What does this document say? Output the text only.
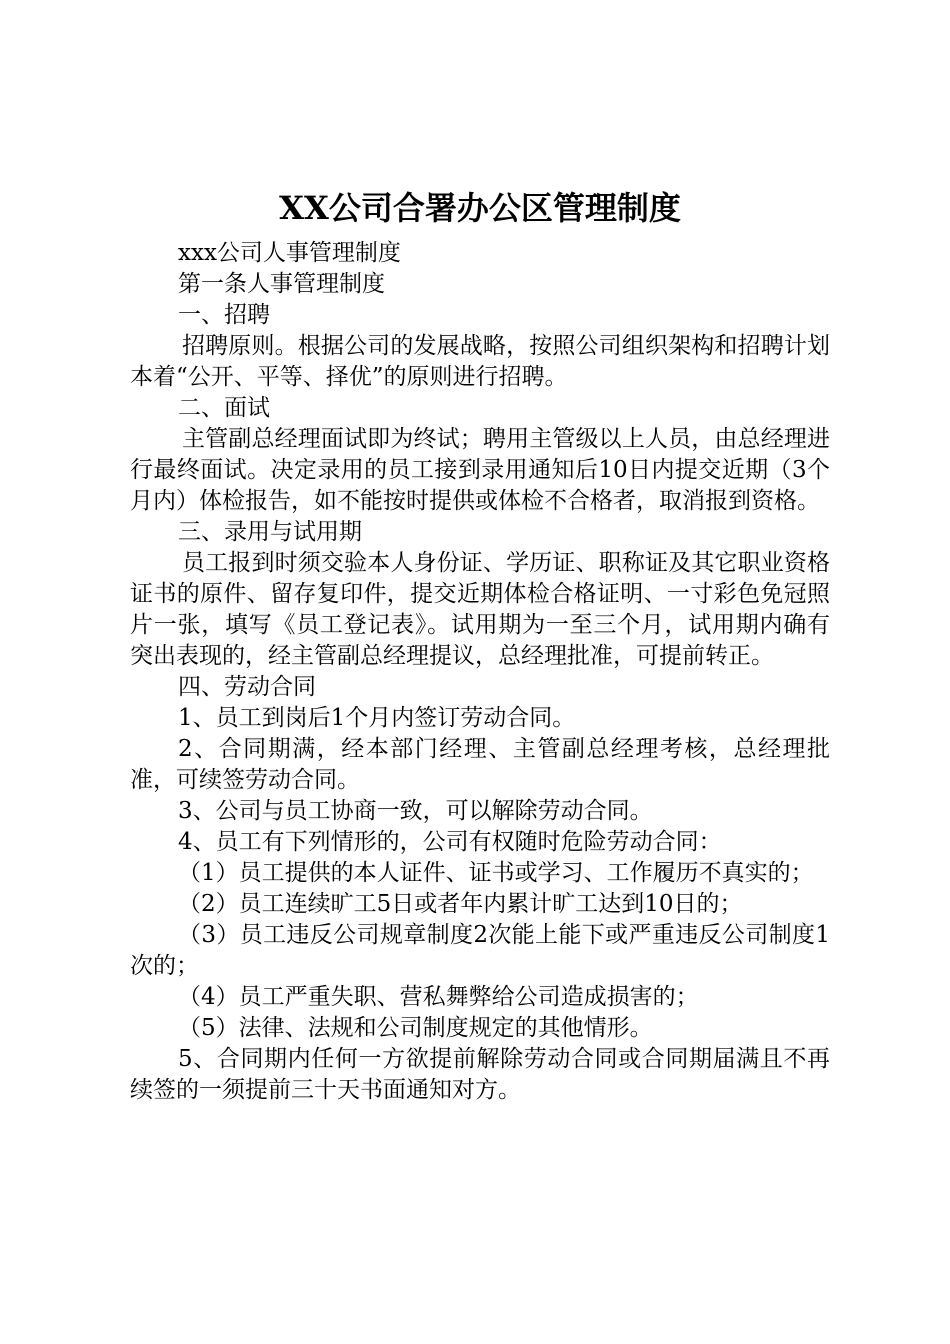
XX公司合署办公区管理制度

xxx公司人事管理制度

第一条人事管理制度

一、招聘

招聘原则。根据公司的发展战略，按照公司组织架构和招聘计划本着“公开、平等、择优”的原则进行招聘。

二、面试

主管副总经理面试即为终试；聘用主管级以上人员，由总经理进行最终面试。决定录用的员工接到录用通知后10日内提交近期（3个月内）体检报告，如不能按时提供或体检不合格者，取消报到资格。

三、录用与试用期

员工报到时须交验本人身份证、学历证、职称证及其它职业资格证书的原件、留存复印件，提交近期体检合格证明、一寸彩色免冠照片一张，填写《员工登记表》。试用期为一至三个月，试用期内确有突出表现的，经主管副总经理提议，总经理批准，可提前转正。

四、劳动合同

1、员工到岗后1个月内签订劳动合同。

2、合同期满，经本部门经理、主管副总经理考核，总经理批准，可续签劳动合同。

3、公司与员工协商一致，可以解除劳动合同。

4、员工有下列情形的，公司有权随时危险劳动合同：

（1）员工提供的本人证件、证书或学习、工作履历不真实的；

（2）员工连续旷工5日或者年内累计旷工达到10日的；

（3）员工违反公司规章制度2次能上能下或严重违反公司制度1次的；

（4）员工严重失职、营私舞弊给公司造成损害的；

（5）法律、法规和公司制度规定的其他情形。

5、合同期内任何一方欲提前解除劳动合同或合同期届满且不再续签的一须提前三十天书面通知对方。
